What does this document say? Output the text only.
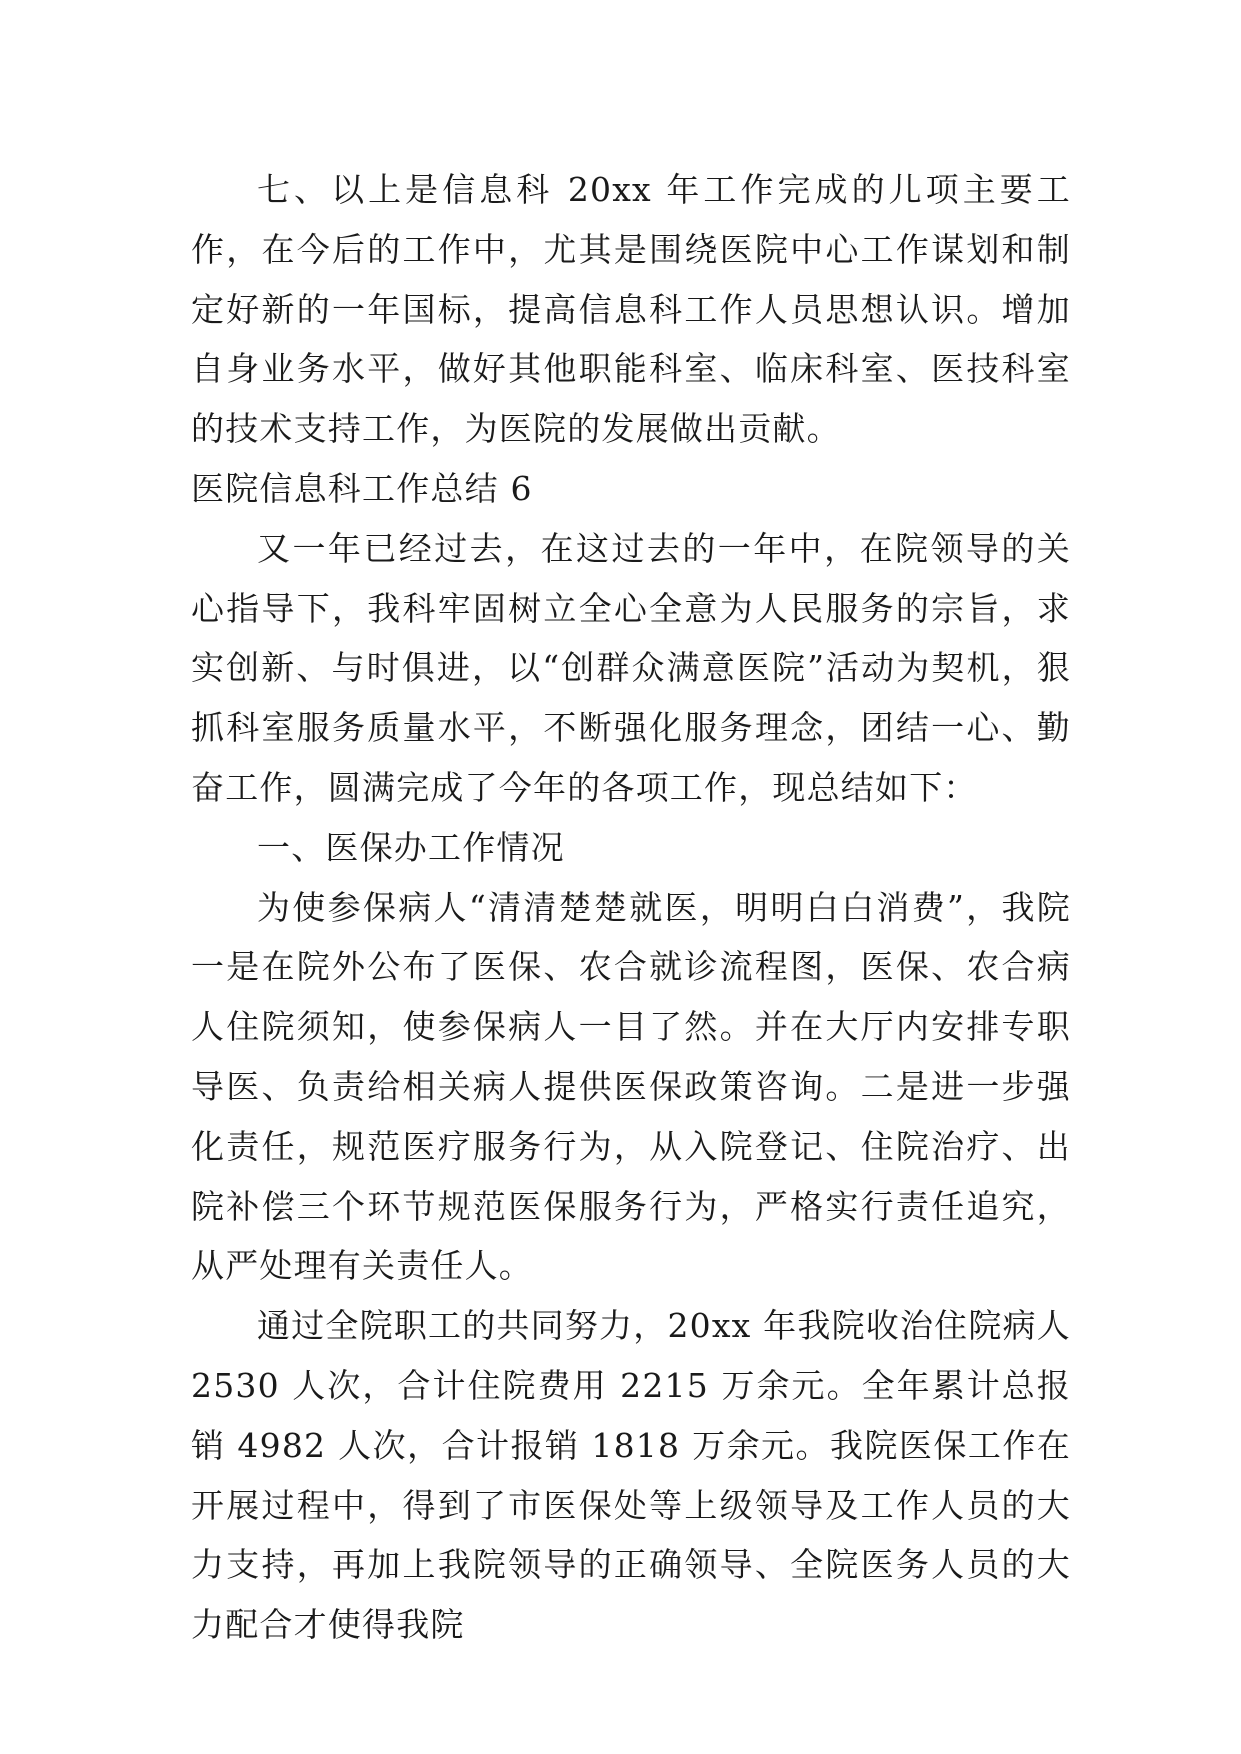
七、以上是信息科 20xx 年工作完成的儿项主要工作，在今后的工作中，尤其是围绕医院中心工作谋划和制定好新的一年国标，提高信息科工作人员思想认识。增加自身业务水平，做好其他职能科室、临床科室、医技科室的技术支持工作，为医院的发展做出贡献。

医院信息科工作总结 6

又一年已经过去，在这过去的一年中，在院领导的关心指导下，我科牢固树立全心全意为人民服务的宗旨，求实创新、与时俱进，以“创群众满意医院”活动为契机，狠抓科室服务质量水平，不断强化服务理念，团结一心、勤奋工作，圆满完成了今年的各项工作，现总结如下：

一、医保办工作情况

为使参保病人“清清楚楚就医，明明白白消费”，我院一是在院外公布了医保、农合就诊流程图，医保、农合病人住院须知，使参保病人一目了然。并在大厅内安排专职导医、负责给相关病人提供医保政策咨询。二是进一步强化责任，规范医疗服务行为，从入院登记、住院治疗、出院补偿三个环节规范医保服务行为，严格实行责任追究，从严处理有关责任人。

通过全院职工的共同努力，20xx 年我院收治住院病人 2530 人次，合计住院费用 2215 万余元。全年累计总报销 4982 人次，合计报销 1818 万余元。我院医保工作在开展过程中，得到了市医保处等上级领导及工作人员的大力支持，再加上我院领导的正确领导、全院医务人员的大力配合才使得我院
